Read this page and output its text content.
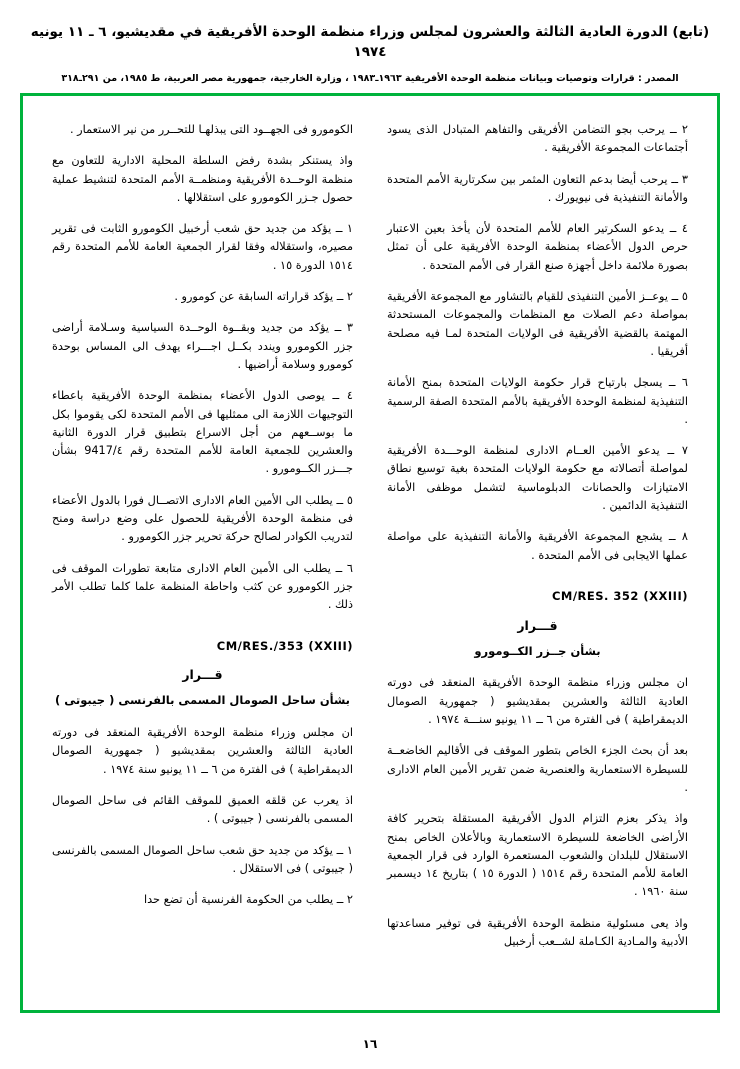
(تابع) الدورة العادية الثالثة والعشرون لمجلس وزراء منظمة الوحدة الأفريقية في مقديشيو، ٦ ـ ١١ يونيه ١٩٧٤
المصدر : قرارات وتوصيات وبيانات منظمة الوحدة الأفريقية ١٩٦٣ـ١٩٨٣ ، وزارة الخارجية، جمهورية مصر العربية، ط ١٩٨٥، من ٢٩١ـ٣١٨

٢ ــ يرحب بجو التضامن الأفريقى والتفاهم المتبادل الذى يسود أجتماعات المجموعة الأفريقية .

٣ ــ يرحب أيضا بدعم التعاون المثمر بين سكرتارية الأمم المتحدة والأمانة التنفيذية فى نيويورك .

٤ ــ يدعو السكرتير العام للأمم المتحدة لأن يأخذ بعين الاعتبار حرص الدول الأعضاء بمنظمة الوحدة الأفريقية على أن تمثل بصورة ملائمة داخل أجهزة صنع القرار فى الأمم المتحدة .

٥ ــ يوعــز الأمين التنفيذى للقيام بالتشاور مع المجموعة الأفريقية بمواصلة دعم الصلات مع المنظمات والمجموعات المستحدثة المهتمة بالقضية الأفريقية فى الولايات المتحدة لمـا فيه مصلحة أفريقيا .

٦ ــ يسجل بارتياح قرار حكومة الولايات المتحدة بمنح الأمانة التنفيذية لمنظمة الوحدة الأفريقية بالأمم المتحدة الصفة الرسمية .

٧ ــ يدعو الأمين العــام الادارى لمنظمة الوحـــدة الأفريقية لمواصلة أتصالاته مع حكومة الولايات المتحدة بغية توسيع نطاق الامتيازات والحصانات الدبلوماسية لتشمل موظفى الأمانة التنفيذية الدائمين .

٨ ــ يشجع المجموعة الأفريقية والأمانة التنفيذية على مواصلة عملها الايجابى فى الأمم المتحدة .

CM/RES. 352 (XXIII)
قـــرار
بشأن جــزر الكــومورو

ان مجلس وزراء منظمة الوحدة الأفريقية المنعقد فى دورته العادية الثالثة والعشرين بمقديشيو ( جمهورية الصومال الديمقراطية ) فى الفترة من ٦ ــ ١١ يونيو سنـــة ١٩٧٤ .

بعد أن بحث الجزء الخاص بتطور الموقف فى الأقاليم الخاضعــة للسيطرة الاستعمارية والعنصرية ضمن تقرير الأمين العام الادارى .

واذ يذكر بعزم التزام الدول الأفريقية المستقلة بتحرير كافة الأراضى الخاضعة للسيطرة الاستعمارية وبالأعلان الخاص بمنح الاستقلال للبلدان والشعوب المستعمرة الوارد فى قرار الجمعية العامة للأمم المتحدة رقم ١٥١٤ ( الدورة ١٥ ) بتاريخ ١٤ ديسمبر سنة ١٩٦٠ .

واذ يعى مسئولية منظمة الوحدة الأفريقية فى توفير مساعدتها الأدبية والمـادية الكـاملة لشــعب أرخبيل

الكومورو فى الجهــود التى يبذلهـا للتحــرر من نير الاستعمار .

واذ يستنكر بشدة رفض السلطة المحلية الادارية للتعاون مع منظمة الوحــدة الأفريقية ومنظمــة الأمم المتحدة لتنشيط عملية حصول جـزر الكومورو على استقلالها .

١ ــ يؤكد من جديد حق شعب أرخبيل الكومورو الثابت فى تقرير مصيره، واستقلاله وفقا لقرار الجمعية العامة للأمم المتحدة رقم ١٥١٤ الدورة ١٥ .

٢ ــ يؤكد قراراته السابقة عن كومورو .

٣ ــ يؤكد من جديد وبقــوة الوحــدة السياسية وسـلامة أراضى جزر الكومورو ويندد بكــل اجـــراء يهدف الى المساس بوحدة كومورو وسلامة أراضيها .

٤ ــ يوصى الدول الأعضاء بمنظمة الوحدة الأفريقية باعطاء التوجيهات اللازمة الى ممثليها فى الأمم المتحدة لكى يقوموا بكل ما بوســعهم من أجل الاسراع بتطبيق قرار الدورة الثانية والعشرين للجمعية العامة للأمم المتحدة رقم 9417/٤ بشأن جـــزر الكــومورو .

٥ ــ يطلب الى الأمين العام الادارى الاتصــال فورا بالدول الأعضاء فى منظمة الوحدة الأفريقية للحصول على وضع دراسة ومنح لتدريب الكوادر لصالح حركة تحرير جزر الكومورو .

٦ ــ يطلب الى الأمين العام الادارى متابعة تطورات الموقف فى جزر الكومورو عن كثب واحاطة المنظمة علما كلما تطلب الأمر ذلك .

CM/RES./353 (XXIII)
قـــرار
بشأن ساحل الصومال المسمى بالفرنسى ( جيبوتى )

ان مجلس وزراء منظمة الوحدة الأفريقية المنعقد فى دورته العادية الثالثة والعشرين بمقديشيو ( جمهورية الصومال الديمقراطية ) فى الفترة من ٦ ــ ١١ يونيو سنة ١٩٧٤ .

اذ يعرب عن قلقه العميق للموقف القائم فى ساحل الصومال المسمى بالفرنسى ( جيبوتى ) .

١ ــ يؤكد من جديد حق شعب ساحل الصومال المسمى بالفرنسى ( جيبوتى ) فى الاستقلال .

٢ ــ يطلب من الحكومة الفرنسية أن تضع حدا

١٦
